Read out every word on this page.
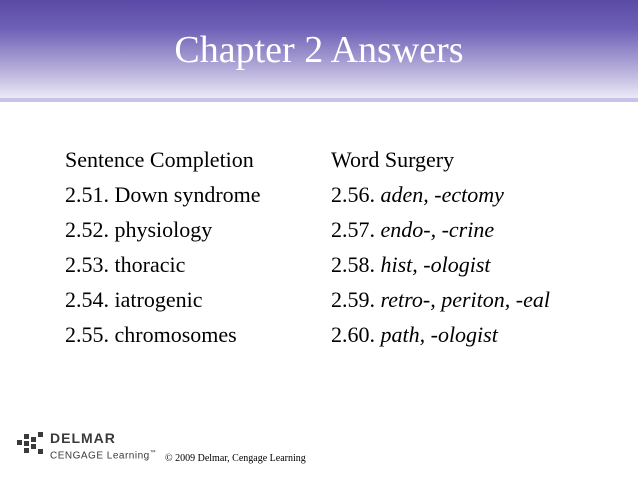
Chapter 2 Answers
Sentence Completion
2.51. Down syndrome
2.52. physiology
2.53. thoracic
2.54. iatrogenic
2.55. chromosomes
Word Surgery
2.56. aden, -ectomy
2.57. endo-, -crine
2.58. hist, -ologist
2.59. retro-, periton, -eal
2.60. path, -ologist
DELMAR
CENGAGE Learning™ © 2009 Delmar, Cengage Learning
